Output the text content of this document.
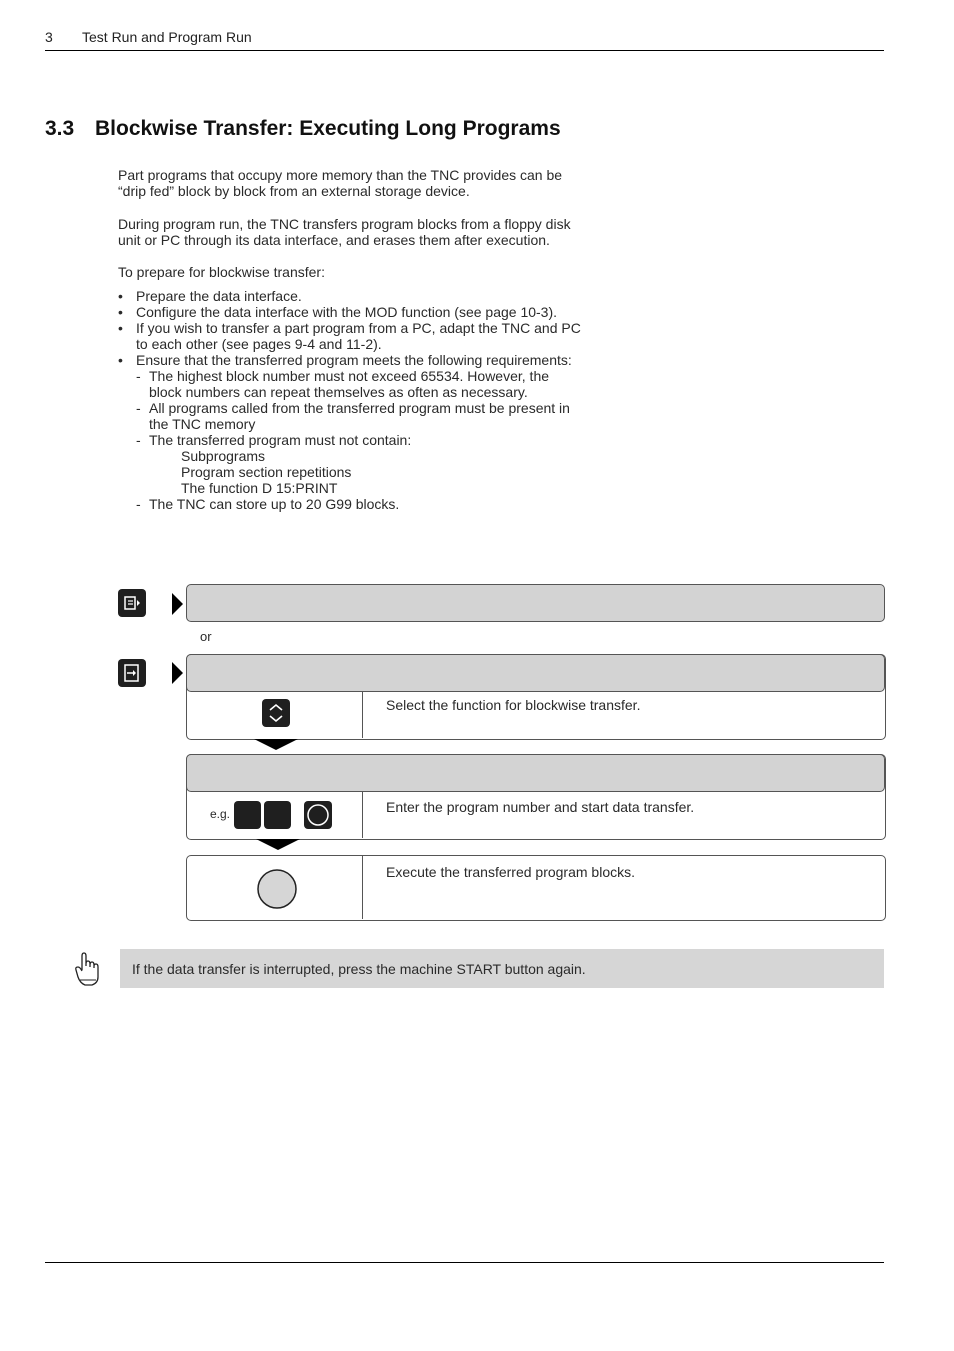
3 Test Run and Program Run
3.3 Blockwise Transfer: Executing Long Programs
Part programs that occupy more memory than the TNC provides can be
“drip fed” block by block from an external storage device.
During program run, the TNC transfers program blocks from a floppy disk
unit or PC through its data interface, and erases them after execution.
To prepare for blockwise transfer:
• Prepare the data interface.
• Configure the data interface with the MOD function (see page 10-3).
• If you wish to transfer a part program from a PC, adapt the TNC and PC
to each other (see pages 9-4 and 11-2).
• Ensure that the transferred program meets the following requirements:
- The highest block number must not exceed 65534. However, the
block numbers can repeat themselves as often as necessary.
- All programs called from the transferred program must be present in
the TNC memory
- The transferred program must not contain:
Subprograms
Program section repetitions
The function D 15:PRINT
- The TNC can store up to 20 G99 blocks.
or
Select the function for blockwise transfer.
e.g.	Enter the program number and start data transfer.
Execute the transferred program blocks.
If the data transfer is interrupted, press the machine START button again.
